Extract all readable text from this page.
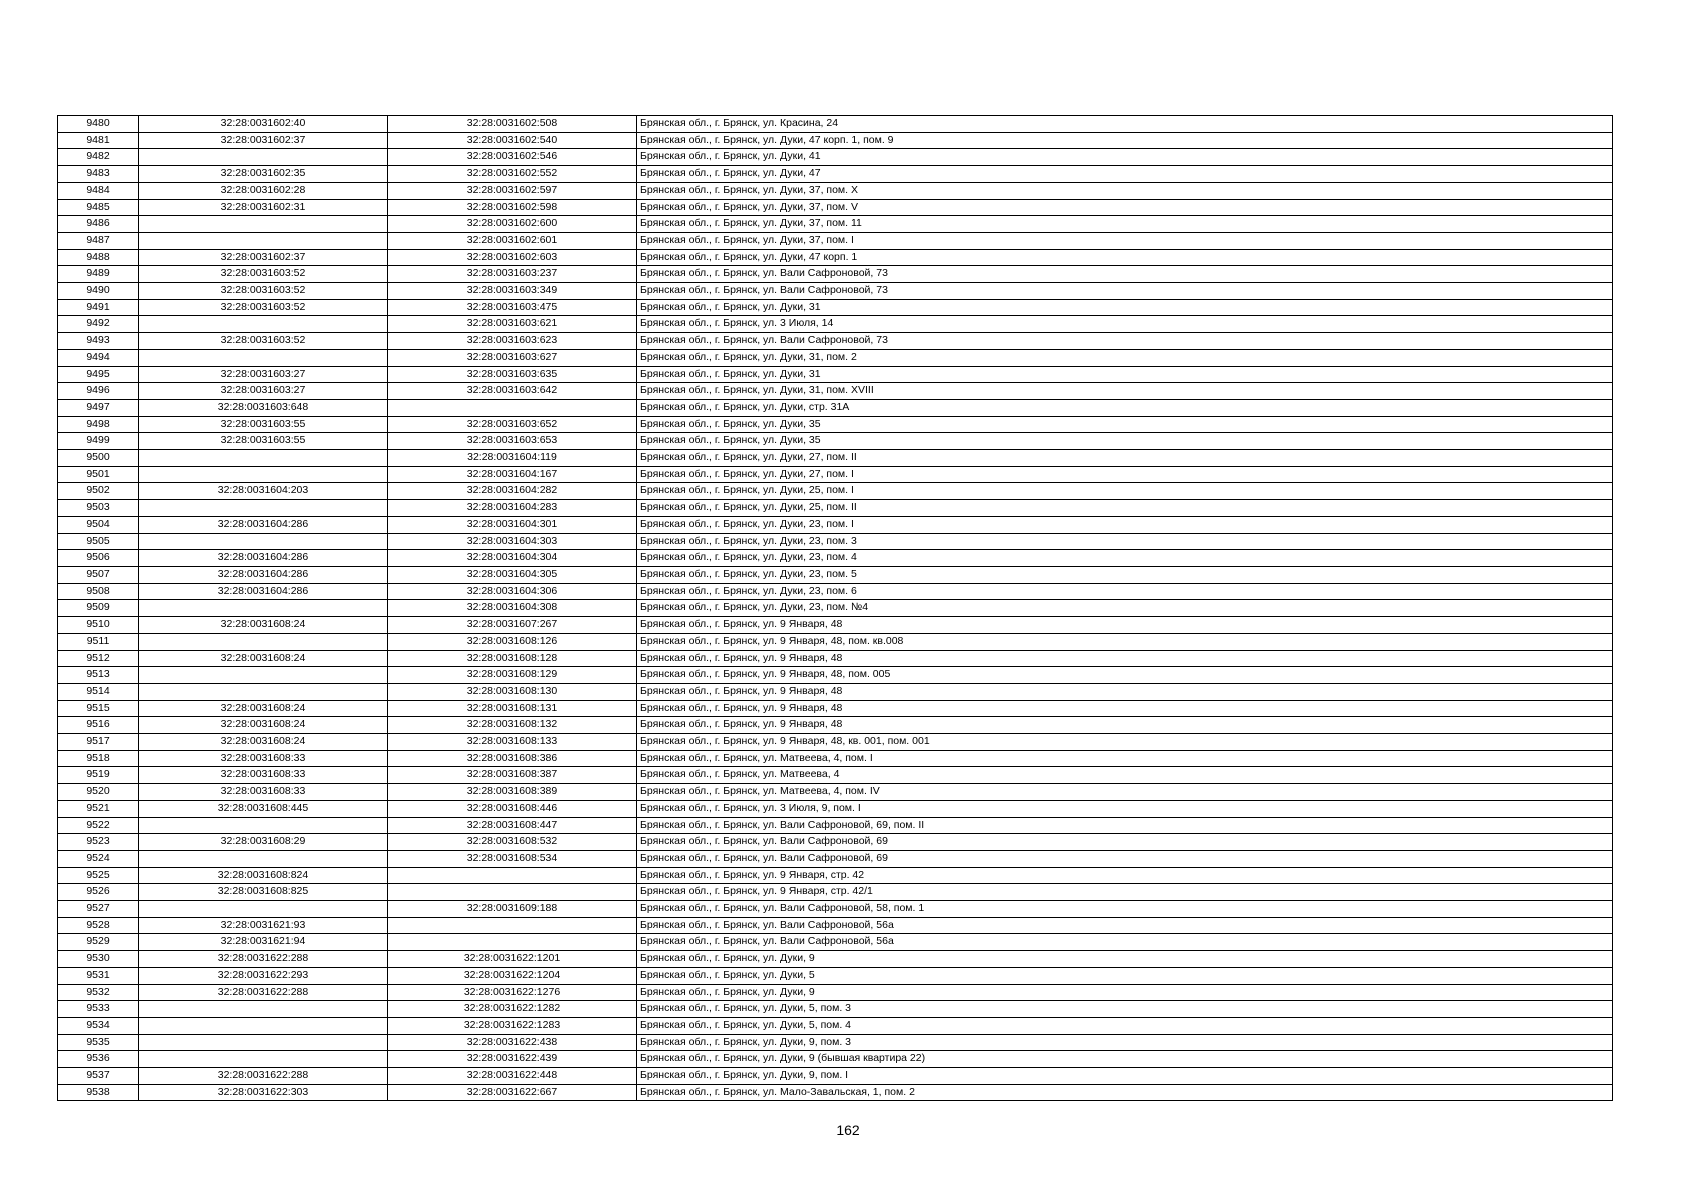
9480	32:28:0031602:40	32:28:0031602:508	Брянская обл., г. Брянск, ул. Красина, 24
9481	32:28:0031602:37	32:28:0031602:540	Брянская обл., г. Брянск, ул. Дуки, 47 корп. 1, пом. 9
9482		32:28:0031602:546	Брянская обл., г. Брянск, ул. Дуки, 41
9483	32:28:0031602:35	32:28:0031602:552	Брянская обл., г. Брянск, ул. Дуки, 47
9484	32:28:0031602:28	32:28:0031602:597	Брянская обл., г. Брянск, ул. Дуки, 37, пом. X
9485	32:28:0031602:31	32:28:0031602:598	Брянская обл., г. Брянск, ул. Дуки, 37, пом. V
9486		32:28:0031602:600	Брянская обл., г. Брянск, ул. Дуки, 37, пом. 11
9487		32:28:0031602:601	Брянская обл., г. Брянск, ул. Дуки, 37, пом. I
9488	32:28:0031602:37	32:28:0031602:603	Брянская обл., г. Брянск, ул. Дуки, 47 корп. 1
9489	32:28:0031603:52	32:28:0031603:237	Брянская обл., г. Брянск, ул. Вали Сафроновой, 73
9490	32:28:0031603:52	32:28:0031603:349	Брянская обл., г. Брянск, ул. Вали Сафроновой, 73
9491	32:28:0031603:52	32:28:0031603:475	Брянская обл., г. Брянск, ул. Дуки, 31
9492		32:28:0031603:621	Брянская обл., г. Брянск, ул. 3 Июля, 14
9493	32:28:0031603:52	32:28:0031603:623	Брянская обл., г. Брянск, ул. Вали Сафроновой, 73
9494		32:28:0031603:627	Брянская обл., г. Брянск, ул. Дуки, 31, пом. 2
9495	32:28:0031603:27	32:28:0031603:635	Брянская обл., г. Брянск, ул. Дуки, 31
9496	32:28:0031603:27	32:28:0031603:642	Брянская обл., г. Брянск, ул. Дуки, 31, пом. XVIII
9497	32:28:0031603:648		Брянская обл., г. Брянск, ул. Дуки, стр. 31А
9498	32:28:0031603:55	32:28:0031603:652	Брянская обл., г. Брянск, ул. Дуки, 35
9499	32:28:0031603:55	32:28:0031603:653	Брянская обл., г. Брянск, ул. Дуки, 35
9500		32:28:0031604:119	Брянская обл., г. Брянск, ул. Дуки, 27, пом. II
9501		32:28:0031604:167	Брянская обл., г. Брянск, ул. Дуки, 27, пом. I
9502	32:28:0031604:203	32:28:0031604:282	Брянская обл., г. Брянск, ул. Дуки, 25, пом. I
9503		32:28:0031604:283	Брянская обл., г. Брянск, ул. Дуки, 25, пом. II
9504	32:28:0031604:286	32:28:0031604:301	Брянская обл., г. Брянск, ул. Дуки, 23, пом. I
9505		32:28:0031604:303	Брянская обл., г. Брянск, ул. Дуки, 23, пом. 3
9506	32:28:0031604:286	32:28:0031604:304	Брянская обл., г. Брянск, ул. Дуки, 23, пом. 4
9507	32:28:0031604:286	32:28:0031604:305	Брянская обл., г. Брянск, ул. Дуки, 23, пом. 5
9508	32:28:0031604:286	32:28:0031604:306	Брянская обл., г. Брянск, ул. Дуки, 23, пом. 6
9509		32:28:0031604:308	Брянская обл., г. Брянск, ул. Дуки, 23, пом. №4
9510	32:28:0031608:24	32:28:0031607:267	Брянская обл., г. Брянск, ул. 9 Января, 48
9511		32:28:0031608:126	Брянская обл., г. Брянск, ул. 9 Января, 48, пом. кв.008
9512	32:28:0031608:24	32:28:0031608:128	Брянская обл., г. Брянск, ул. 9 Января, 48
9513		32:28:0031608:129	Брянская обл., г. Брянск, ул. 9 Января, 48, пом. 005
9514		32:28:0031608:130	Брянская обл., г. Брянск, ул. 9 Января, 48
9515	32:28:0031608:24	32:28:0031608:131	Брянская обл., г. Брянск, ул. 9 Января, 48
9516	32:28:0031608:24	32:28:0031608:132	Брянская обл., г. Брянск, ул. 9 Января, 48
9517	32:28:0031608:24	32:28:0031608:133	Брянская обл., г. Брянск, ул. 9 Января, 48, кв. 001, пом. 001
9518	32:28:0031608:33	32:28:0031608:386	Брянская обл., г. Брянск, ул. Матвеева, 4, пом. I
9519	32:28:0031608:33	32:28:0031608:387	Брянская обл., г. Брянск, ул. Матвеева, 4
9520	32:28:0031608:33	32:28:0031608:389	Брянская обл., г. Брянск, ул. Матвеева, 4, пом. IV
9521	32:28:0031608:445	32:28:0031608:446	Брянская обл., г. Брянск, ул. 3 Июля, 9, пом. I
9522		32:28:0031608:447	Брянская обл., г. Брянск, ул. Вали Сафроновой, 69, пом. II
9523	32:28:0031608:29	32:28:0031608:532	Брянская обл., г. Брянск, ул. Вали Сафроновой, 69
9524		32:28:0031608:534	Брянская обл., г. Брянск, ул. Вали Сафроновой, 69
9525	32:28:0031608:824		Брянская обл., г. Брянск, ул. 9 Января, стр. 42
9526	32:28:0031608:825		Брянская обл., г. Брянск, ул. 9 Января, стр. 42/1
9527		32:28:0031609:188	Брянская обл., г. Брянск, ул. Вали Сафроновой, 58, пом. 1
9528	32:28:0031621:93		Брянская обл., г. Брянск, ул. Вали Сафроновой, 56а
9529	32:28:0031621:94		Брянская обл., г. Брянск, ул. Вали Сафроновой, 56а
9530	32:28:0031622:288	32:28:0031622:1201	Брянская обл., г. Брянск, ул. Дуки, 9
9531	32:28:0031622:293	32:28:0031622:1204	Брянская обл., г. Брянск, ул. Дуки, 5
9532	32:28:0031622:288	32:28:0031622:1276	Брянская обл., г. Брянск, ул. Дуки, 9
9533		32:28:0031622:1282	Брянская обл., г. Брянск, ул. Дуки, 5, пом. 3
9534		32:28:0031622:1283	Брянская обл., г. Брянск, ул. Дуки, 5, пом. 4
9535		32:28:0031622:438	Брянская обл., г. Брянск, ул. Дуки, 9, пом. 3
9536		32:28:0031622:439	Брянская обл., г. Брянск, ул. Дуки, 9 (бывшая квартира 22)
9537	32:28:0031622:288	32:28:0031622:448	Брянская обл., г. Брянск, ул. Дуки, 9, пом. I
9538	32:28:0031622:303	32:28:0031622:667	Брянская обл., г. Брянск, ул. Мало-Завальская, 1, пом. 2
162
